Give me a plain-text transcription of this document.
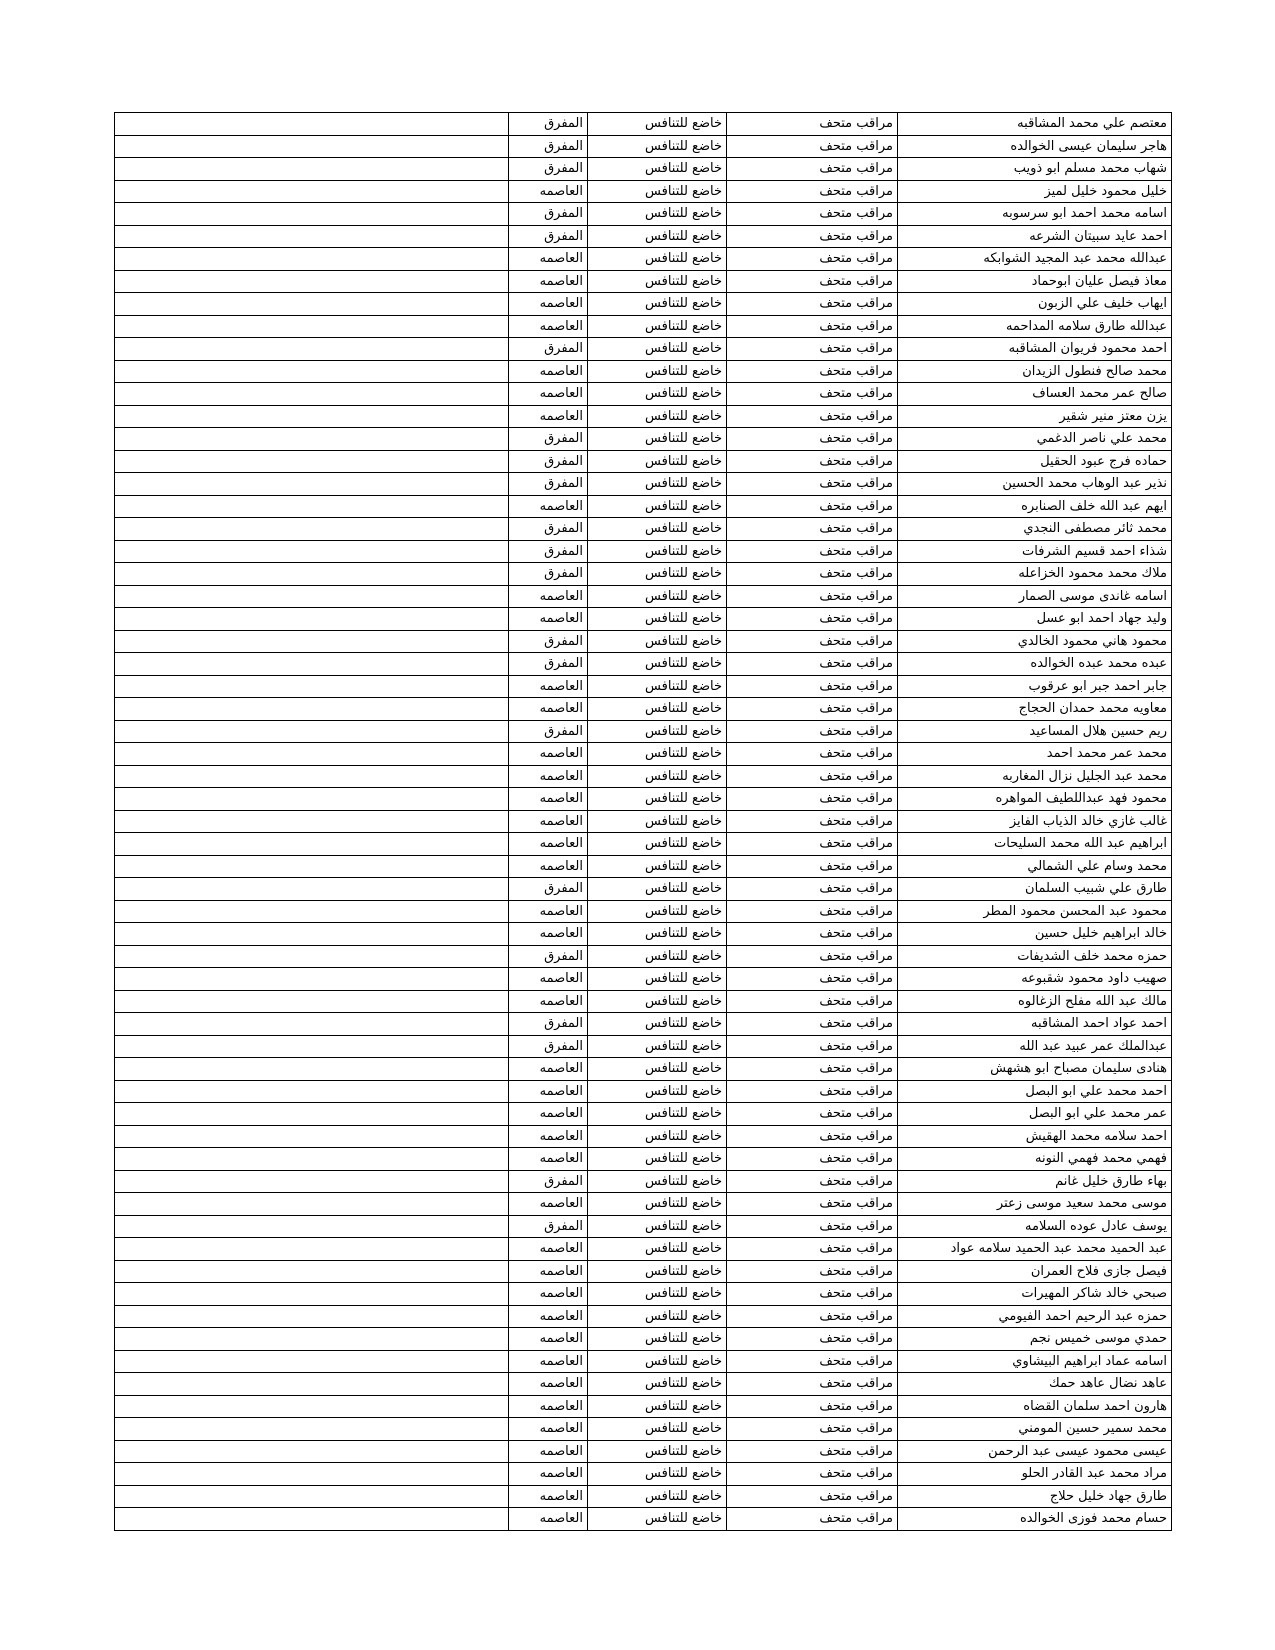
معتصم علي محمد المشاقبه	مراقب متحف	خاضع للتنافس	المفرق	
هاجر سليمان عيسى الخوالده	مراقب متحف	خاضع للتنافس	المفرق	
شهاب محمد مسلم ابو ذويب	مراقب متحف	خاضع للتنافس	المفرق	
خليل محمود خليل لميز	مراقب متحف	خاضع للتنافس	العاصمه	
اسامه محمد احمد ابو سرسوبه	مراقب متحف	خاضع للتنافس	المفرق	
احمد عايد سبيتان الشرعه	مراقب متحف	خاضع للتنافس	المفرق	
عبدالله محمد عبد المجيد الشوابكه	مراقب متحف	خاضع للتنافس	العاصمه	
معاذ فيصل عليان ابوحماد	مراقب متحف	خاضع للتنافس	العاصمه	
ايهاب خليف علي الزبون	مراقب متحف	خاضع للتنافس	العاصمه	
عبدالله طارق سلامه المداحمه	مراقب متحف	خاضع للتنافس	العاصمه	
احمد محمود فريوان المشاقبه	مراقب متحف	خاضع للتنافس	المفرق	
محمد صالح فنطول الزيدان	مراقب متحف	خاضع للتنافس	العاصمه	
صالح عمر محمد العساف	مراقب متحف	خاضع للتنافس	العاصمه	
يزن معتز منير شقير	مراقب متحف	خاضع للتنافس	العاصمه	
محمد علي ناصر الدغمي	مراقب متحف	خاضع للتنافس	المفرق	
حماده فرج عبود الحقيل	مراقب متحف	خاضع للتنافس	المفرق	
نذير عبد الوهاب محمد الحسين	مراقب متحف	خاضع للتنافس	المفرق	
ايهم عبد الله خلف الصنابره	مراقب متحف	خاضع للتنافس	العاصمه	
محمد ثائر مصطفى النجدي	مراقب متحف	خاضع للتنافس	المفرق	
شذاء احمد قسيم الشرفات	مراقب متحف	خاضع للتنافس	المفرق	
ملاك محمد محمود الخزاعله	مراقب متحف	خاضع للتنافس	المفرق	
اسامه غاندى موسى الصمار	مراقب متحف	خاضع للتنافس	العاصمه	
وليد جهاد احمد ابو عسل	مراقب متحف	خاضع للتنافس	العاصمه	
محمود هاني محمود الخالدي	مراقب متحف	خاضع للتنافس	المفرق	
عبده محمد عبده الخوالده	مراقب متحف	خاضع للتنافس	المفرق	
جابر احمد جبر ابو عرقوب	مراقب متحف	خاضع للتنافس	العاصمه	
معاويه محمد حمدان الحجاج	مراقب متحف	خاضع للتنافس	العاصمه	
ريم حسين هلال المساعيد	مراقب متحف	خاضع للتنافس	المفرق	
محمد عمر محمد احمد	مراقب متحف	خاضع للتنافس	العاصمه	
محمد عبد الجليل نزال المغاربه	مراقب متحف	خاضع للتنافس	العاصمه	
محمود فهد عبداللطيف المواهره	مراقب متحف	خاضع للتنافس	العاصمه	
غالب غازي خالد الذياب الفايز	مراقب متحف	خاضع للتنافس	العاصمه	
ابراهيم عبد الله محمد السليحات	مراقب متحف	خاضع للتنافس	العاصمه	
محمد وسام علي الشمالي	مراقب متحف	خاضع للتنافس	العاصمه	
طارق علي شبيب السلمان	مراقب متحف	خاضع للتنافس	المفرق	
محمود عبد المحسن محمود المطر	مراقب متحف	خاضع للتنافس	العاصمه	
خالد ابراهيم خليل حسين	مراقب متحف	خاضع للتنافس	العاصمه	
حمزه محمد خلف الشديفات	مراقب متحف	خاضع للتنافس	المفرق	
صهيب داود محمود شقبوعه	مراقب متحف	خاضع للتنافس	العاصمه	
مالك عبد الله مفلح الزغالوه	مراقب متحف	خاضع للتنافس	العاصمه	
احمد عواد احمد المشاقبه	مراقب متحف	خاضع للتنافس	المفرق	
عبدالملك عمر عبيد عبد الله	مراقب متحف	خاضع للتنافس	المفرق	
هنادى سليمان مصباح ابو هشهش	مراقب متحف	خاضع للتنافس	العاصمه	
احمد محمد علي ابو البصل	مراقب متحف	خاضع للتنافس	العاصمه	
عمر محمد علي ابو البصل	مراقب متحف	خاضع للتنافس	العاصمه	
احمد سلامه محمد الهقيش	مراقب متحف	خاضع للتنافس	العاصمه	
فهمي محمد فهمي النونه	مراقب متحف	خاضع للتنافس	العاصمه	
بهاء طارق خليل غانم	مراقب متحف	خاضع للتنافس	المفرق	
موسى محمد سعيد موسى زعتر	مراقب متحف	خاضع للتنافس	العاصمه	
يوسف عادل عوده السلامه	مراقب متحف	خاضع للتنافس	المفرق	
عبد الحميد محمد عبد الحميد سلامه عواد	مراقب متحف	خاضع للتنافس	العاصمه	
فيصل جازى فلاح العمران	مراقب متحف	خاضع للتنافس	العاصمه	
صبحي خالد شاكر المهيرات	مراقب متحف	خاضع للتنافس	العاصمه	
حمزه عبد الرحيم احمد الفيومي	مراقب متحف	خاضع للتنافس	العاصمه	
حمدي موسى خميس نجم	مراقب متحف	خاضع للتنافس	العاصمه	
اسامه عماد ابراهيم البيشاوي	مراقب متحف	خاضع للتنافس	العاصمه	
عاهد نضال عاهد حمك	مراقب متحف	خاضع للتنافس	العاصمه	
هارون احمد سلمان القضاه	مراقب متحف	خاضع للتنافس	العاصمه	
محمد سمير حسين المومني	مراقب متحف	خاضع للتنافس	العاصمه	
عيسى محمود عيسى عبد الرحمن	مراقب متحف	خاضع للتنافس	العاصمه	
مراد محمد عبد القادر الحلو	مراقب متحف	خاضع للتنافس	العاصمه	
طارق جهاد خليل حلاج	مراقب متحف	خاضع للتنافس	العاصمه	
حسام محمد فوزى الخوالده	مراقب متحف	خاضع للتنافس	العاصمه	
